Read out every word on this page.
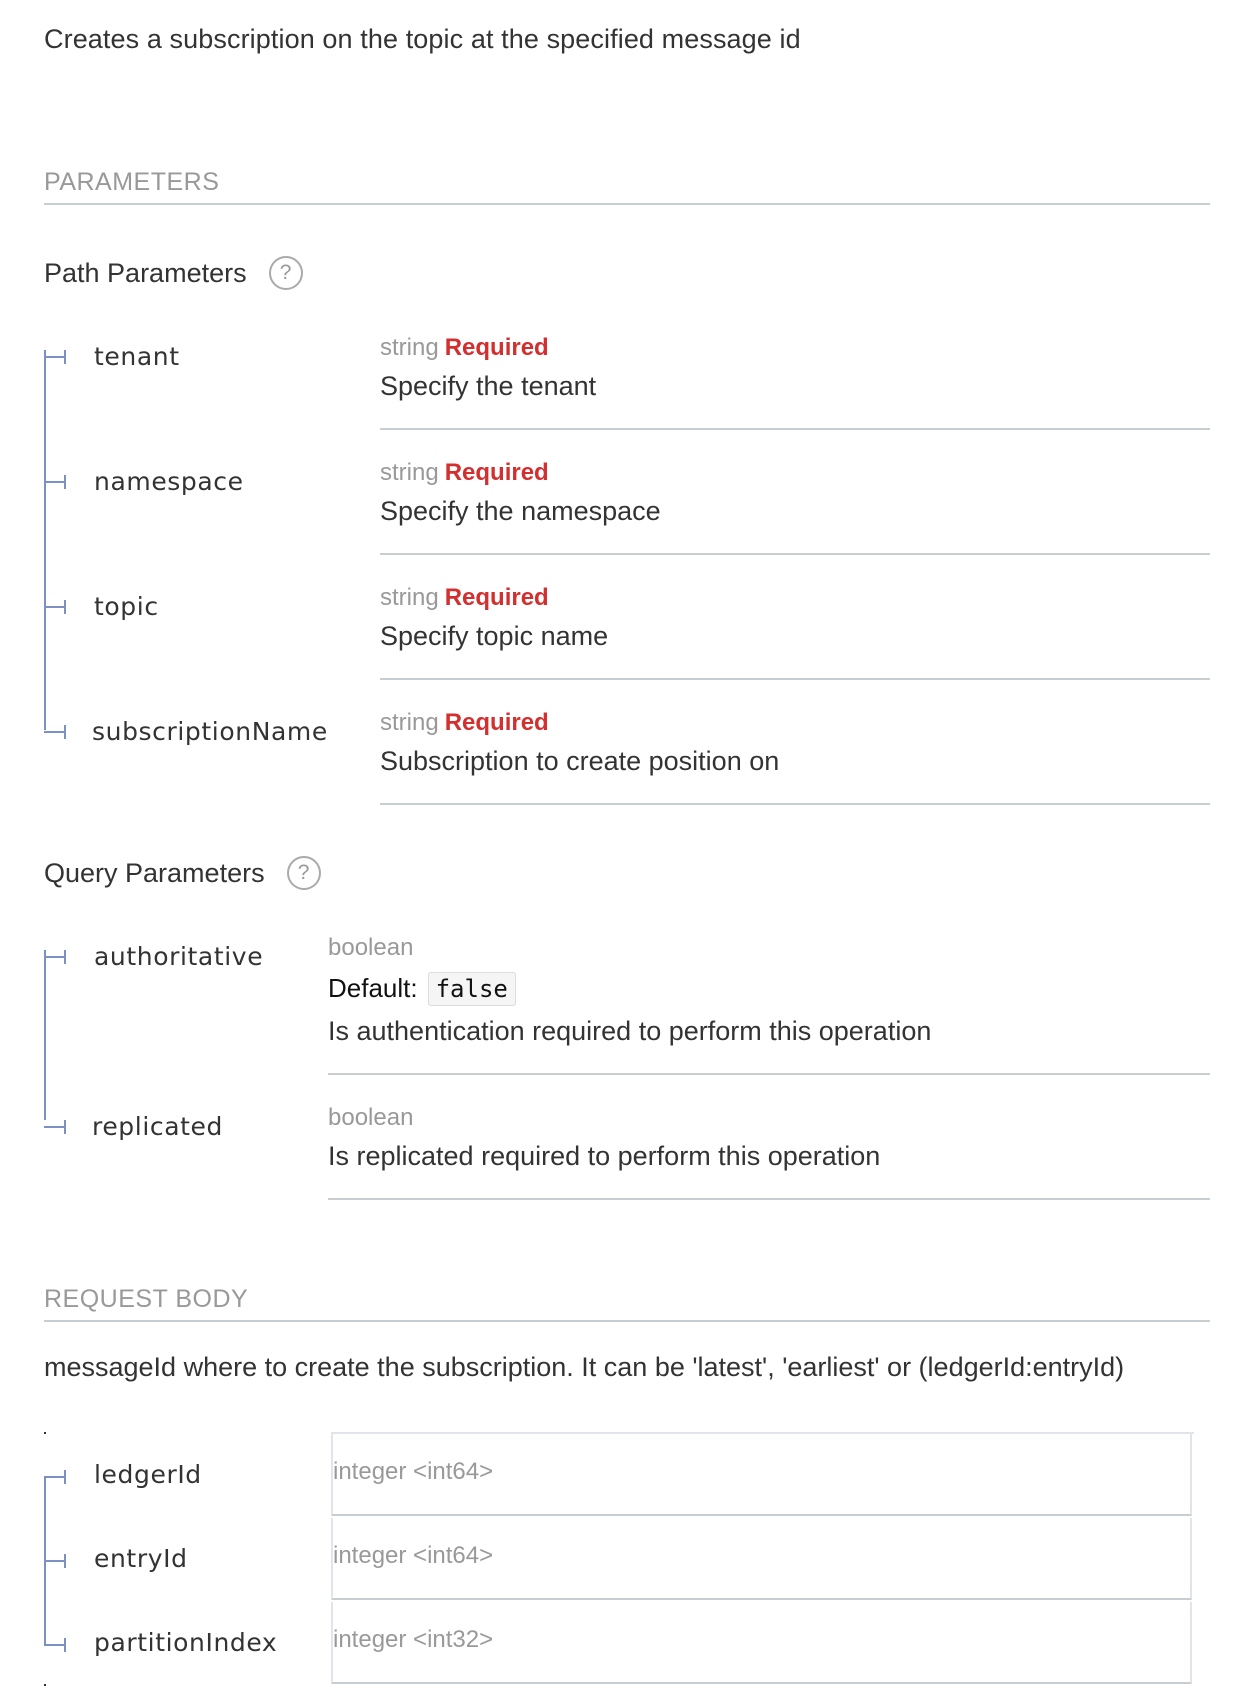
Creates a subscription on the topic at the specified message id
PARAMETERS
Path Parameters	?
tenant	string Required
Specify the tenant
namespace	string Required
Specify the namespace
topic	string Required
Specify topic name
subscriptionName string Required
Subscription to create position on
Query Parameters	?
authoritative	boolean
Default: false
Is authentication required to perform this operation
replicated	boolean
Is replicated required to perform this operation
REQUEST BODY
messageId where to create the subscription. It can be 'latest', 'earliest' or (ledgerId:entryId)
ledgerId	integer <int64>
entryId	integer <int64>
partitionIndex integer <int32>
